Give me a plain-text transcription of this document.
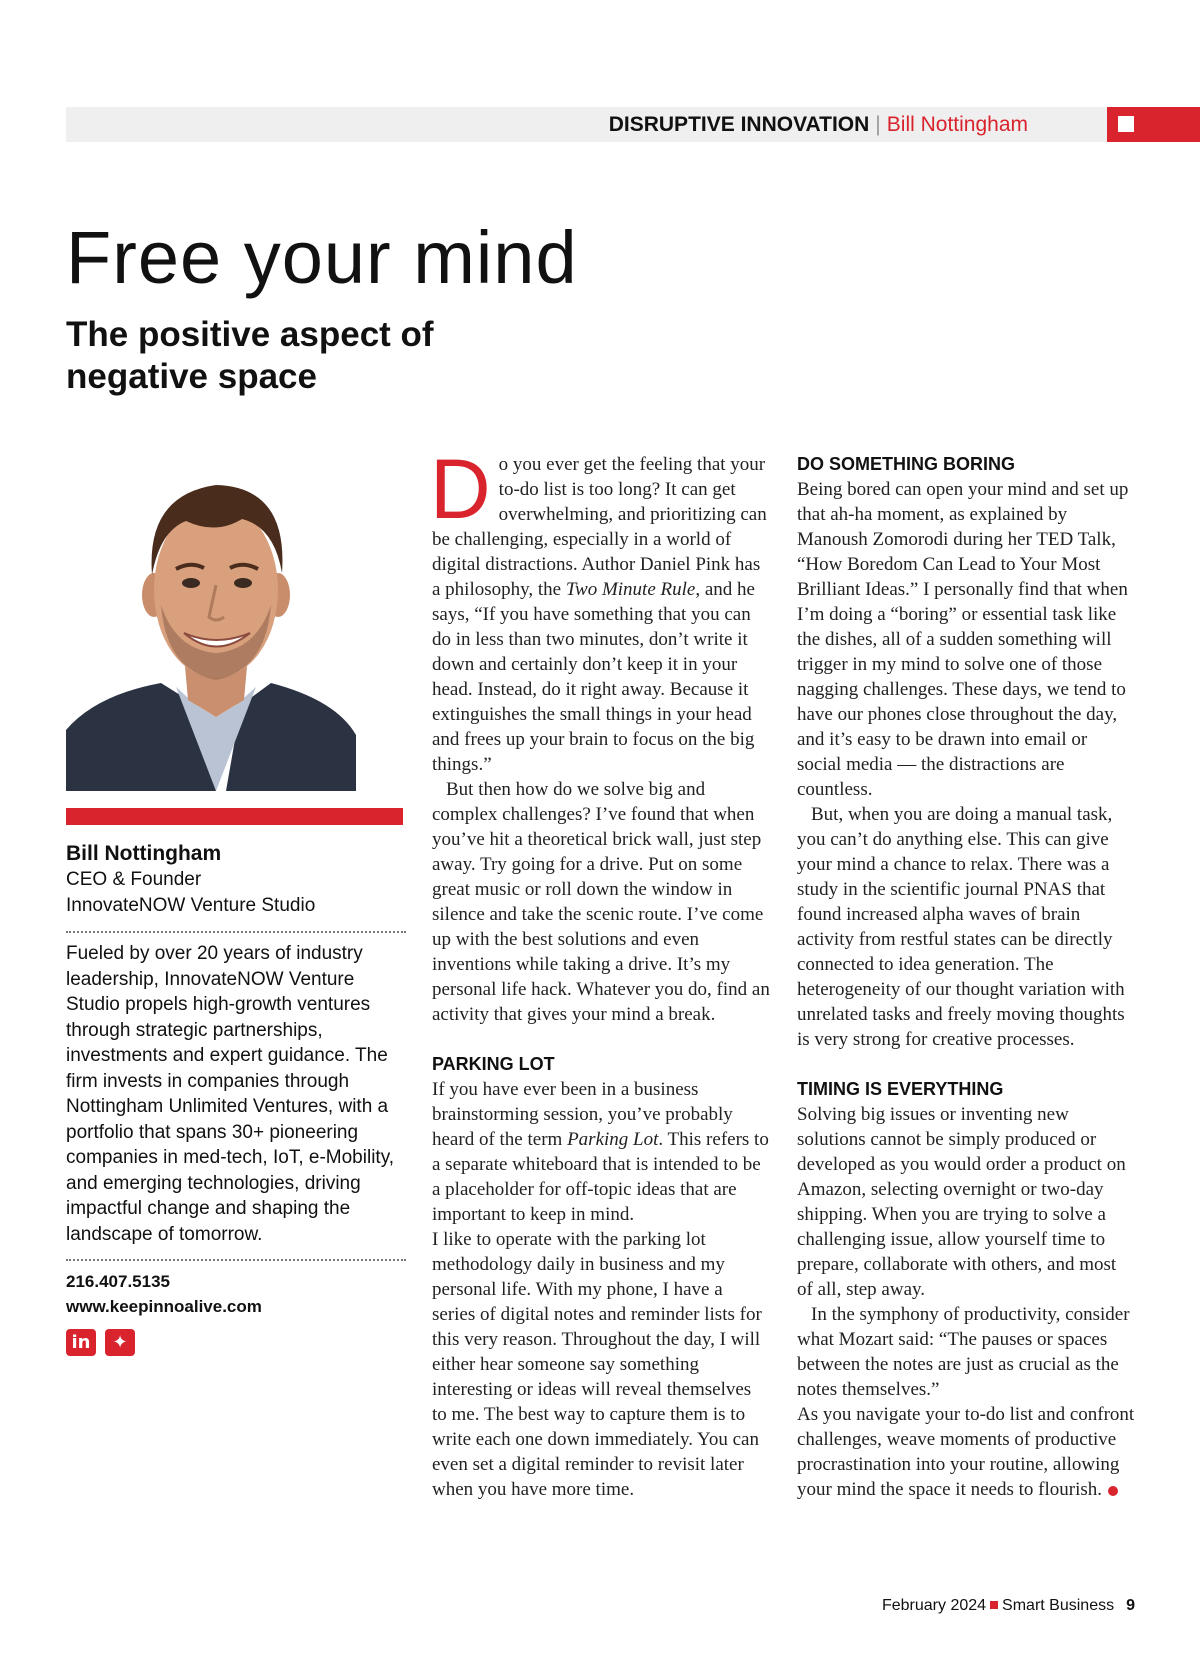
DISRUPTIVE INNOVATION | Bill Nottingham
Free your mind
The positive aspect of negative space
Bill Nottingham
CEO & Founder
InnovateNOW Venture Studio
Fueled by over 20 years of industry leadership, InnovateNOW Venture Studio propels high-growth ventures through strategic partnerships, investments and expert guidance. The firm invests in companies through Nottingham Unlimited Ventures, with a portfolio that spans 30+ pioneering companies in med-tech, IoT, e-Mobility, and emerging technologies, driving impactful change and shaping the landscape of tomorrow.
216.407.5135
www.keepinnoalive.com
in	✦

Do you ever get the feeling that your to-do list is too long? It can get overwhelming, and prioritizing can be challenging, especially in a world of digital distractions. Author Daniel Pink has a philosophy, the Two Minute Rule, and he says, “If you have something that you can do in less than two minutes, don’t write it down and certainly don’t keep it in your head. Instead, do it right away. Because it extinguishes the small things in your head and frees up your brain to focus on the big things.”

But then how do we solve big and complex challenges? I’ve found that when you’ve hit a theoretical brick wall, just step away. Try going for a drive. Put on some great music or roll down the window in silence and take the scenic route. I’ve come up with the best solutions and even inventions while taking a drive. It’s my personal life hack. Whatever you do, find an activity that gives your mind a break.

PARKING LOT

If you have ever been in a business brainstorming session, you’ve probably heard of the term Parking Lot. This refers to a separate whiteboard that is intended to be a placeholder for off-topic ideas that are important to keep in mind.

I like to operate with the parking lot methodology daily in business and my personal life. With my phone, I have a series of digital notes and reminder lists for this very reason. Throughout the day, I will either hear someone say something interesting or ideas will reveal themselves to me. The best way to capture them is to write each one down immediately. You can even set a digital reminder to revisit later when you have more time.

DO SOMETHING BORING

Being bored can open your mind and set up that ah-ha moment, as explained by Manoush Zomorodi during her TED Talk, “How Boredom Can Lead to Your Most Brilliant Ideas.” I personally find that when I’m doing a “boring” or essential task like the dishes, all of a sudden something will trigger in my mind to solve one of those nagging challenges. These days, we tend to have our phones close throughout the day, and it’s easy to be drawn into email or social media — the distractions are countless.

But, when you are doing a manual task, you can’t do anything else. This can give your mind a chance to relax. There was a study in the scientific journal PNAS that found increased alpha waves of brain activity from restful states can be directly connected to idea generation. The heterogeneity of our thought variation with unrelated tasks and freely moving thoughts is very strong for creative processes.

TIMING IS EVERYTHING

Solving big issues or inventing new solutions cannot be simply produced or developed as you would order a product on Amazon, selecting overnight or two-day shipping. When you are trying to solve a challenging issue, allow yourself time to prepare, collaborate with others, and most of all, step away.

In the symphony of productivity, consider what Mozart said: “The pauses or spaces between the notes are just as crucial as the notes themselves.”

As you navigate your to-do list and confront challenges, weave moments of productive procrastination into your routine, allowing your mind the space it needs to flourish.

February 2024 Smart Business 9
